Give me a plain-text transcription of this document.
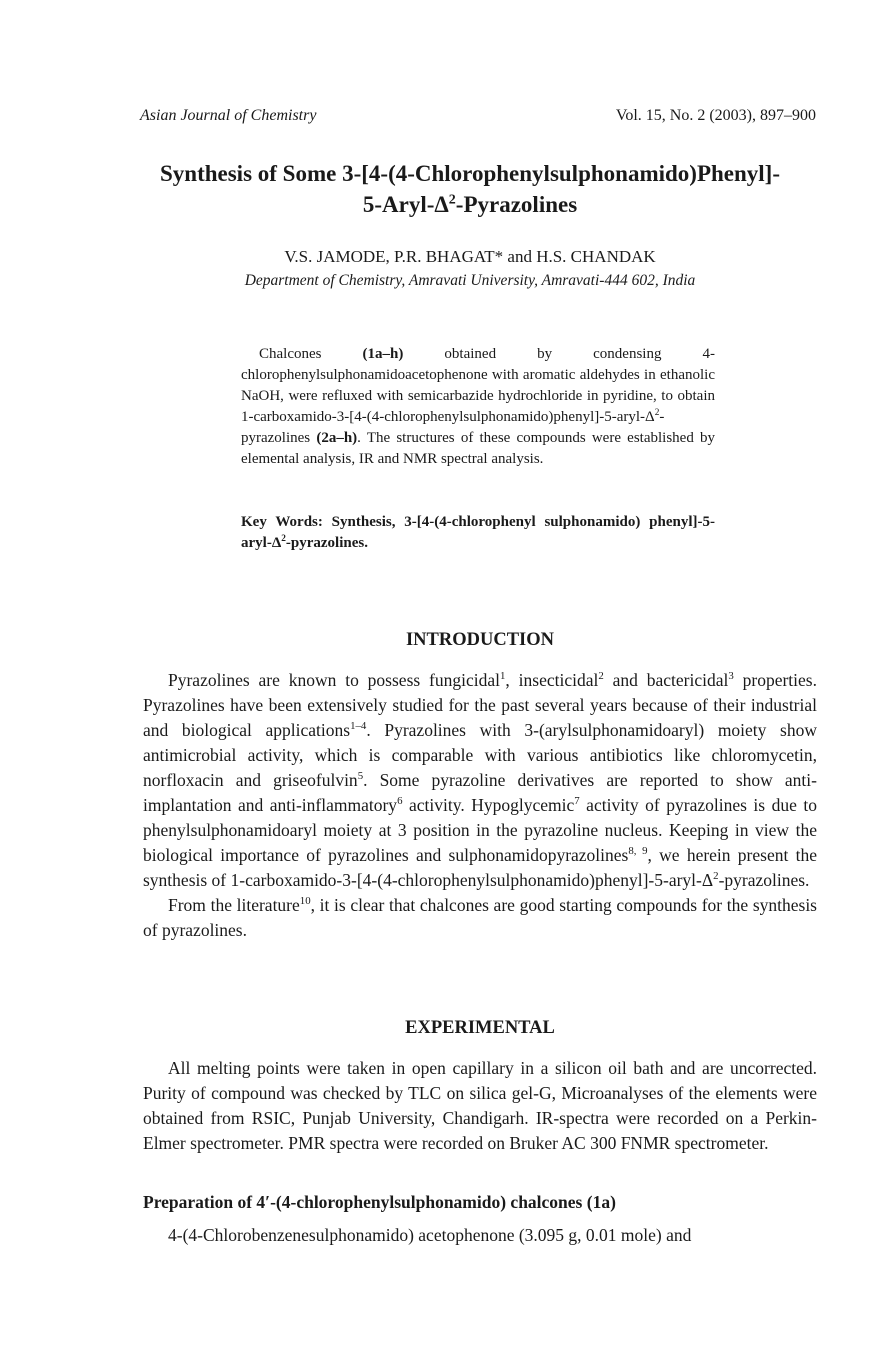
Asian Journal of Chemistry	Vol. 15, No. 2 (2003), 897–900
Synthesis of Some 3-[4-(4-Chlorophenylsulphonamido)Phenyl]-
$5-Aryl-\Delta^2$-Pyrazolines
V.S. JAMODE, P.R. BHAGAT* and H.S. CHANDAK
Department of Chemistry, Amravati University, Amravati-444 602, India

Chalcones (1a–h) obtained by condensing 4-chlorophenylsulphonamidoacetophenone with aromatic aldehydes in ethanolic NaOH, were refluxed with semicarbazide hydrochloride in pyridine, to obtain $1-carboxamido-3-[4-(4-chlorophenylsulphonamido)phenyl]-5-aryl-\Delta^2$-pyrazolines (2a–h). The structures of these compounds were established by elemental analysis, IR and NMR spectral analysis.

Key Words: Synthesis, 3-[4-(4-chlorophenyl sulphonamido) $phenyl]-5-aryl-\Delta^2$-pyrazolines.
INTRODUCTION

Pyrazolines are known to possess fungicidal$^1$, insecticidal$^2$ and bactericidal$^3$ properties. Pyrazolines have been extensively studied for the past several years because of their industrial and biological applications$^{1-4}$. Pyrazolines with 3-(arylsulphonamidoaryl) moiety show antimicrobial activity, which is comparable with various antibiotics like chloromycetin, norfloxacin and griseofulvin$^5$. Some pyrazoline derivatives are reported to show anti-implantation and anti-inflammatory$^6$ activity. Hypoglycemic$^7$ activity of pyrazolines is due to phenylsulphonamidoaryl moiety at 3 position in the pyrazoline nucleus. Keeping in view the biological importance of pyrazolines and sulphonamidopyrazolines$^{8, 9}$, we herein present the synthesis of $1-carboxamido-3-[4-(4-chlorophenylsulphonamido)phenyl]-5-aryl-\Delta^2$-pyrazolines.

From the literature$^{10}$, it is clear that chalcones are good starting compounds for the synthesis of pyrazolines.

EXPERIMENTAL

All melting points were taken in open capillary in a silicon oil bath and are uncorrected. Purity of compound was checked by TLC on silica gel-G, Microanalyses of the elements were obtained from RSIC, Punjab University, Chandigarh. IR-spectra were recorded on a Perkin-Elmer spectrometer. PMR spectra were recorded on Bruker AC 300 FNMR spectrometer.

Preparation of 4′-(4-chlorophenylsulphonamido) chalcones (1a)

4-(4-Chlorobenzenesulphonamido) acetophenone (3.095 g, 0.01 mole) and
